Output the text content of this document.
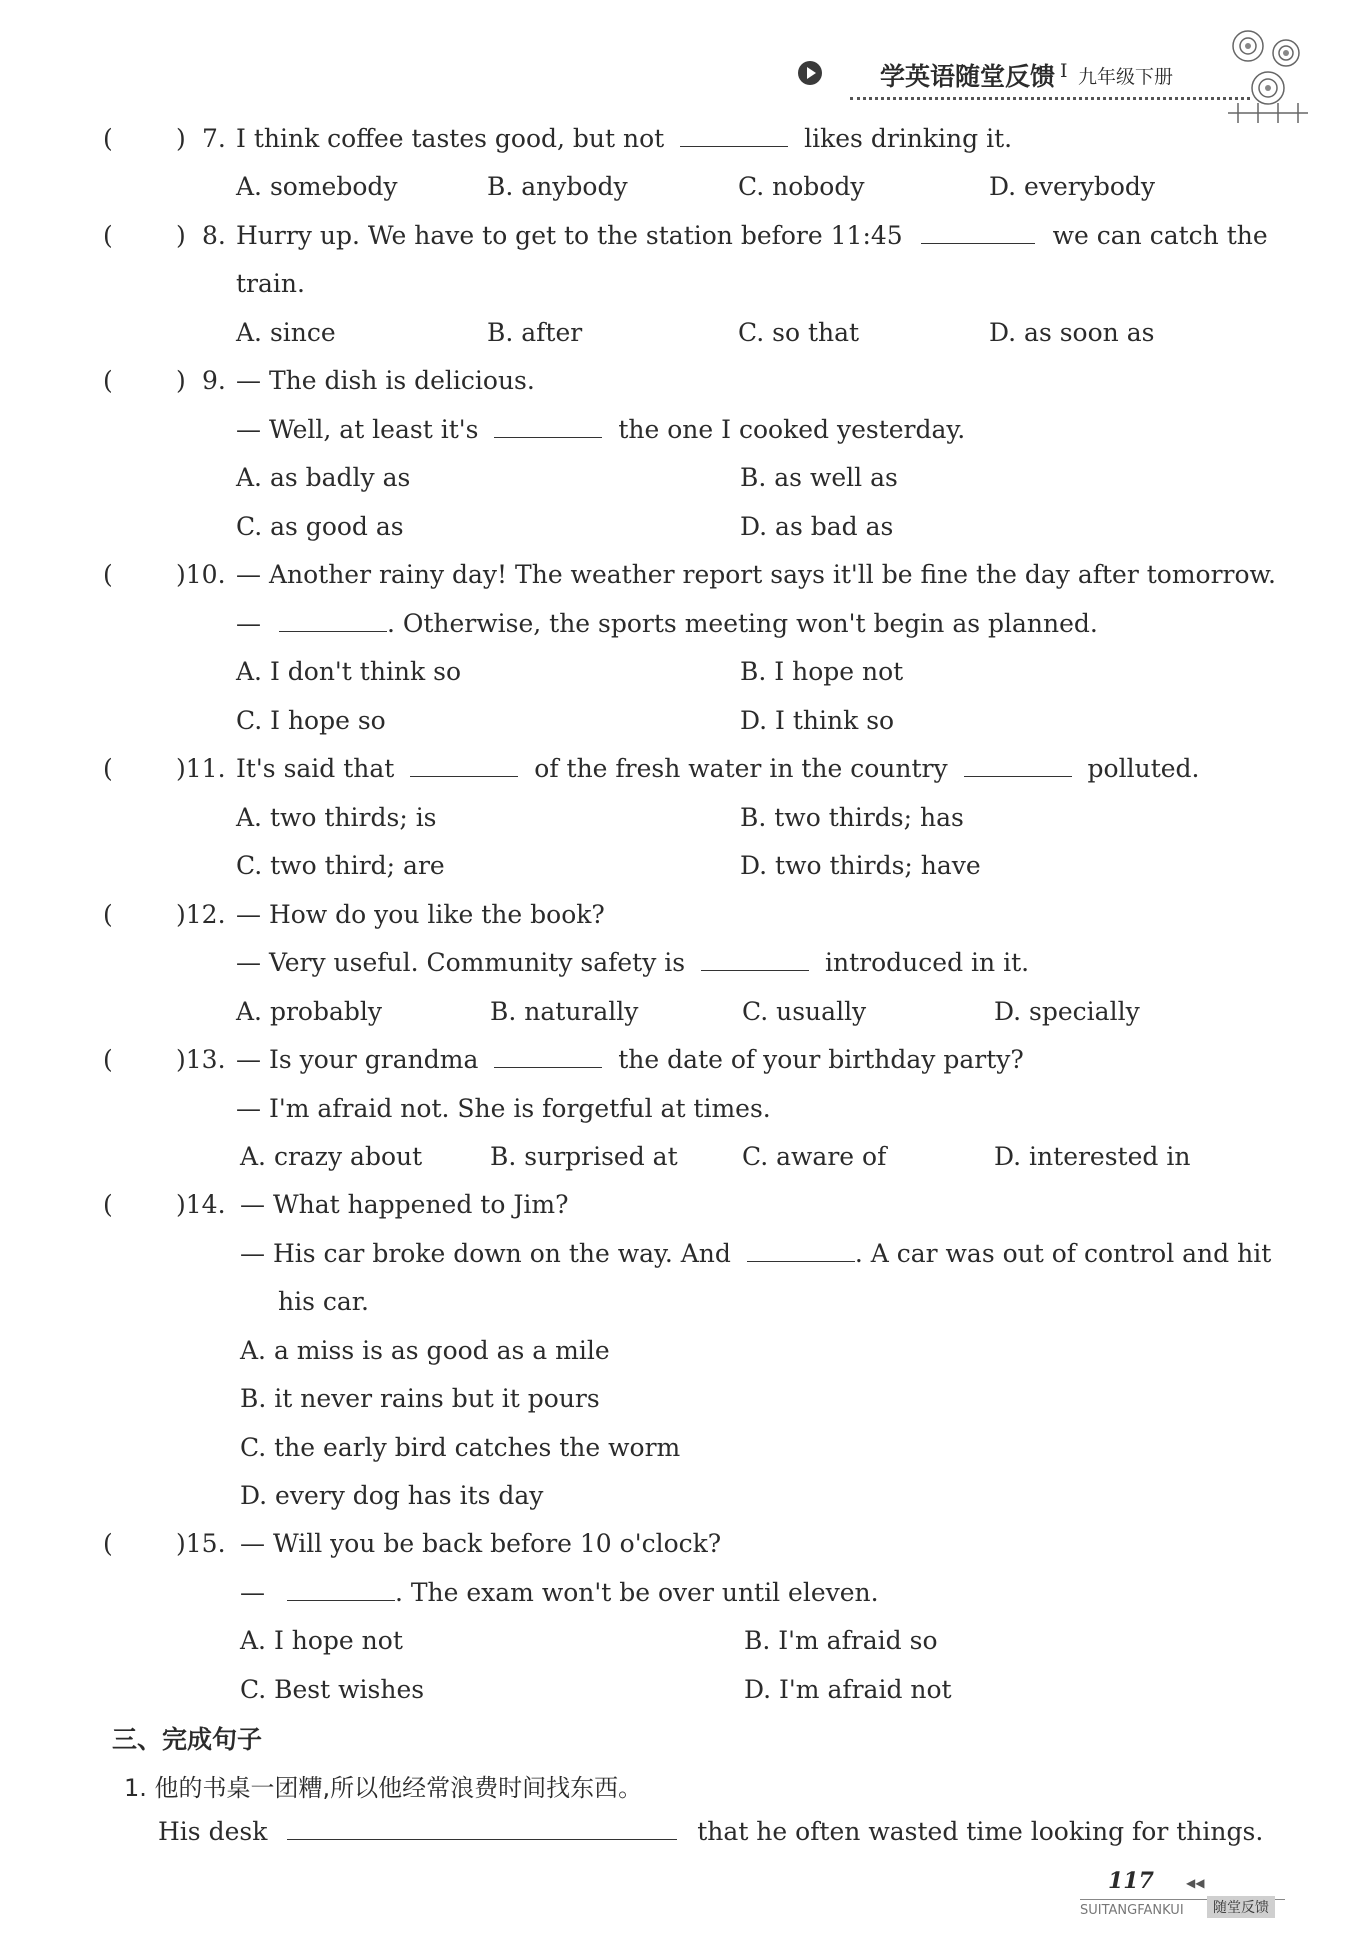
学英语随堂反馈 I 九年级下册
(	) 7. I think coffee tastes good, but not	likes drinking it.
A. somebody	B. anybody	C. nobody	D. everybody
(	) 8. Hurry up. We have to get to the station before 11:45	we can catch the
train.
A. since	B. after	C. so that	D. as soon as
(	) 9. — The dish is delicious.
— Well, at least it's	the one I cooked yesterday.
A. as badly as	B. as well as
C. as good as	D. as bad as
(	)10. — Another rainy day! The weather report says it'll be fine the day after tomorrow.
—	. Otherwise, the sports meeting won't begin as planned.
A. I don't think so	B. I hope not
C. I hope so	D. I think so
(	)11. It's said that	of the fresh water in the country	polluted.
A. two thirds; is	B. two thirds; has
C. two third; are	D. two thirds; have
(	)12. — How do you like the book?
— Very useful. Community safety is	introduced in it.
A. probably	B. naturally	C. usually	D. specially
(	)13. — Is your grandma	the date of your birthday party?
— I'm afraid not. She is forgetful at times.
A. crazy about	B. surprised at	C. aware of	D. interested in
(	)14. — What happened to Jim?
— His car broke down on the way. And	. A car was out of control and hit
his car.
A. a miss is as good as a mile
B. it never rains but it pours
C. the early bird catches the worm
D. every dog has its day
(	)15. — Will you be back before 10 o'clock?
—	. The exam won't be over until eleven.
A. I hope not	B. I'm afraid so
C. Best wishes	D. I'm afraid not
三、完成句子
1. 他的书桌一团糟,所以他经常浪费时间找东西。
His desk	that he often wasted time looking for things.
117	◀◀
SUITANGFANKUI	随堂反馈
